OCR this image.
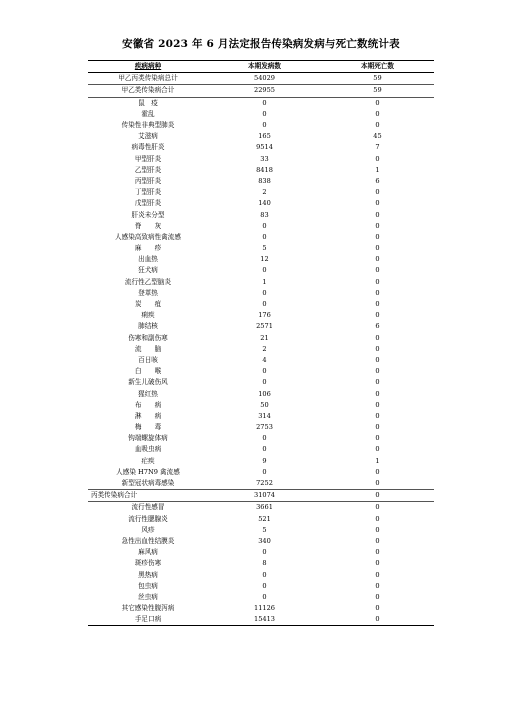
安徽省 2023 年 6 月法定报告传染病发病与死亡数统计表
疾病病种	本期发病数	本期死亡数
甲乙丙类传染病总计	54029	59
甲乙类传染病合计	22955	59
鼠　疫	0	0
霍乱	0	0
传染性非典型肺炎	0	0
艾滋病	165	45
病毒性肝炎	9514	7
甲型肝炎	33	0
乙型肝炎	8418	1
丙型肝炎	838	6
丁型肝炎	2	0
戊型肝炎	140	0
肝炎未分型	83	0
脊　　灰	0	0
人感染高致病性禽流感	0	0
麻　　疹	5	0
出血热	12	0
狂犬病	0	0
流行性乙型脑炎	1	0
登革热	0	0
炭　　疽	0	0
痢疾	176	0
肺结核	2571	6
伤寒和副伤寒	21	0
流　　脑	2	0
百日咳	4	0
白　　喉	0	0
新生儿破伤风	0	0
猩红热	106	0
布　　病	50	0
淋　　病	314	0
梅　　毒	2753	0
钩端螺旋体病	0	0
血吸虫病	0	0
疟疾	9	1
人感染 H7N9 禽流感	0	0
新型冠状病毒感染	7252	0
丙类传染病合计	31074	0
流行性感冒	3661	0
流行性腮腺炎	521	0
风疹	5	0
急性出血性结膜炎	340	0
麻风病	0	0
斑疹伤寒	8	0
黑热病	0	0
包虫病	0	0
丝虫病	0	0
其它感染性腹泻病	11126	0
手足口病	15413	0
